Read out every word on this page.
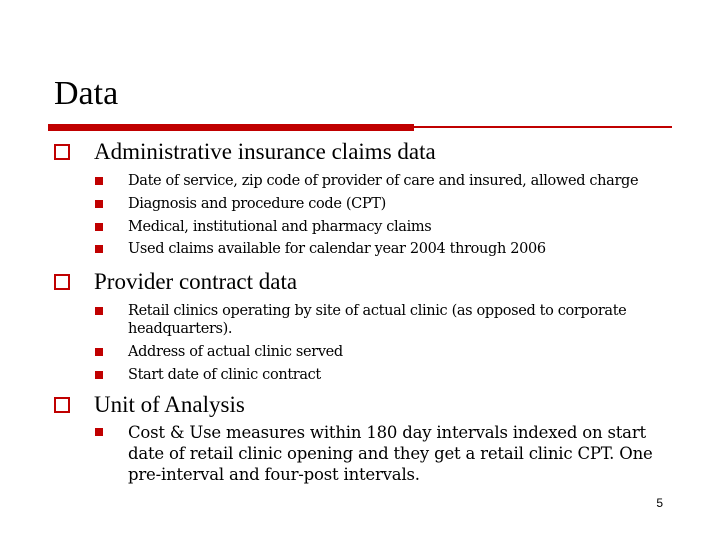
Data
Administrative insurance claims data
Date of service, zip code of provider of care and insured, allowed charge
Diagnosis and procedure code (CPT)
Medical, institutional and pharmacy claims
Used claims available for calendar year 2004 through 2006
Provider contract data
Retail clinics operating by site of actual clinic (as opposed to corporate headquarters).
Address of actual clinic served
Start date of clinic contract
Unit of Analysis
Cost & Use measures within 180 day intervals indexed on start date of retail clinic opening and they get a retail clinic CPT. One pre-interval and four-post intervals.
5
